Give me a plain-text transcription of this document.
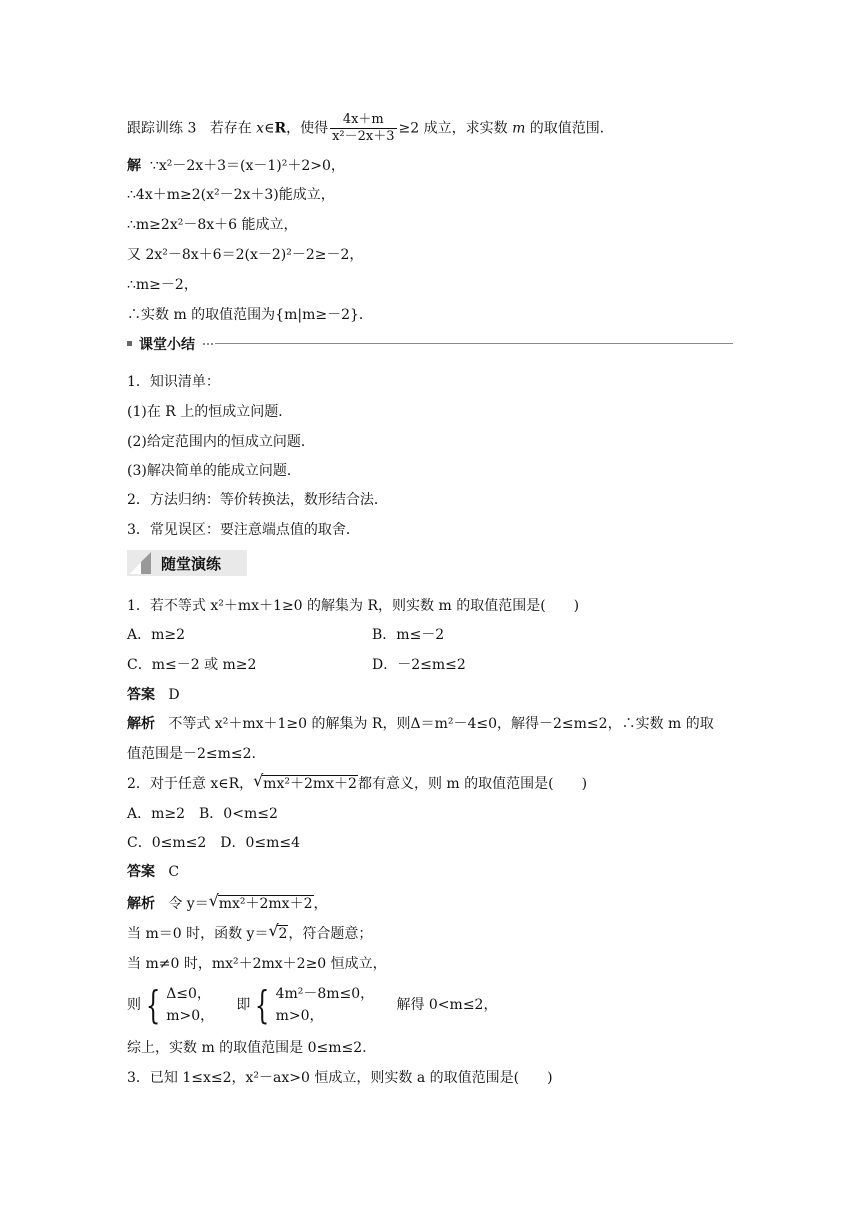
跟踪训练 3 若存在 x∈R，使得 $\frac{4x+m}{\text{x²－2x＋3}} \ge 2$ 成立，求实数 m 的取值范围．
解 ∵x²－2x＋3＝(x－1)²＋2>0，
∴4x＋m≥2(x²－2x＋3)能成立，
∴m≥2x²－8x＋6 能成立，
又 2x²－8x＋6＝2(x－2)²－2≥－2，
∴m≥－2，
∴实数 m 的取值范围为{m|m≥－2}．
课堂小结
1．知识清单：
(1)在 R 上的恒成立问题．
(2)给定范围内的恒成立问题．
(3)解决简单的能成立问题．
2．方法归纳：等价转换法，数形结合法．
3．常见误区：要注意端点值的取舍．
随堂演练
1．若不等式 x²＋mx＋1≥0 的解集为 R，则实数 m 的取值范围是(　　)
A．m≥2	B．m≤－2
C．m≤－2 或 m≥2	D．－2≤m≤2
答案 D
解析 不等式 x²＋mx＋1≥0 的解集为 R，则Δ＝m²－4≤0，解得－2≤m≤2，∴实数 m 的取
值范围是－2≤m≤2.
2．对于任意 x∈R， √ mx²＋2mx＋2都有意义，则 m 的取值范围是(　　)
A．m≥2　B．0<m≤2
C．0≤m≤2　D．0≤m≤4
答案 C
解析 令 y＝ √ mx²＋2mx＋2，
当 m＝0 时，函数 y＝ √ 2，符合题意；
当 m≠0 时，mx²＋2mx＋2≥0 恒成立，
则 { Δ≤0，
m>0，
即 { 4m²－8m≤0，
m>0，
解得 0<m≤2，
综上，实数 m 的取值范围是 0≤m≤2.
3．已知 1≤x≤2，x²－ax>0 恒成立，则实数 a 的取值范围是(　　)
